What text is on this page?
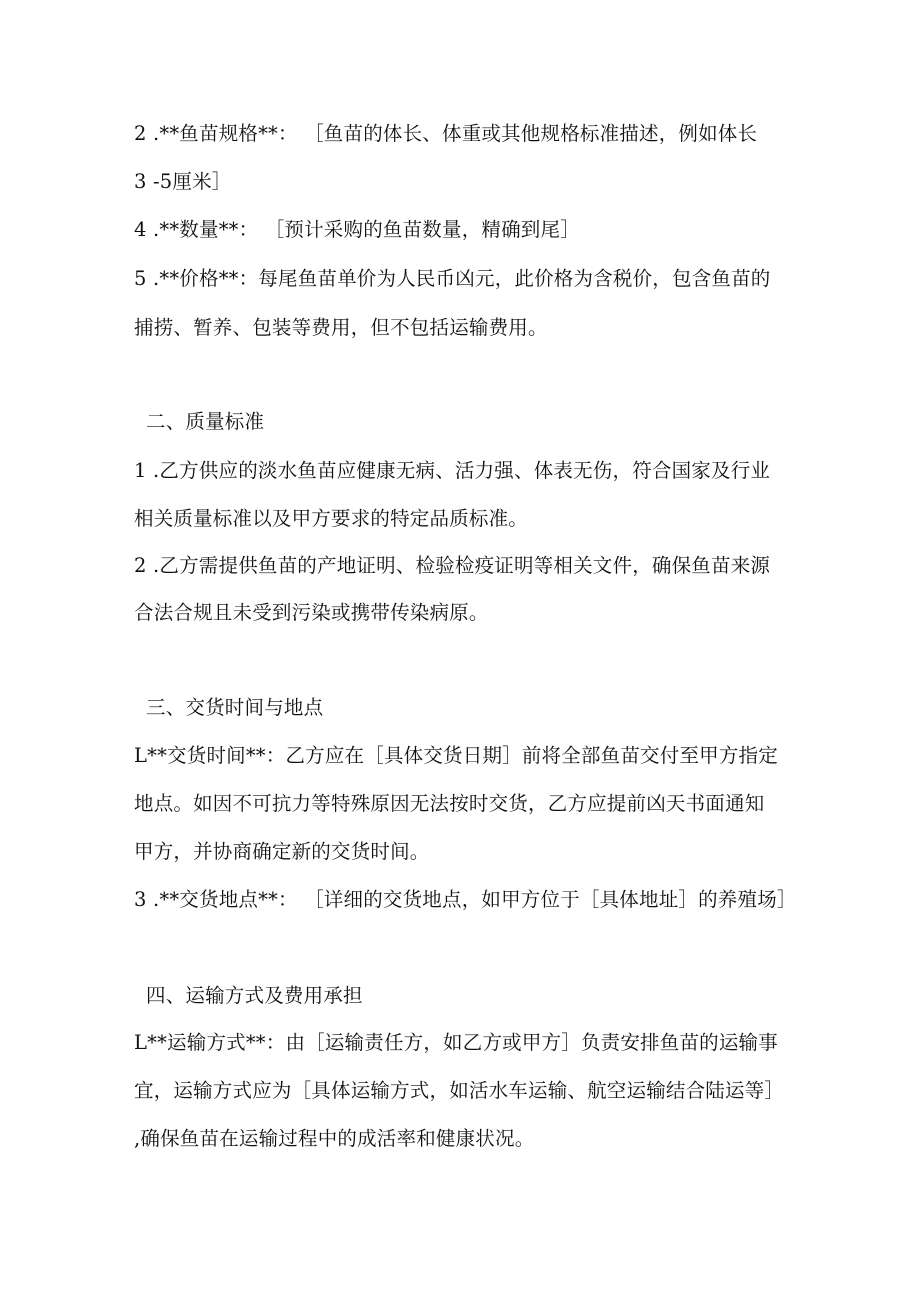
2 .**鱼苗规格**： ［鱼苗的体长、体重或其他规格标准描述，例如体长
3 -5厘米］
4 .**数量**： ［预计采购的鱼苗数量，精确到尾］
5 .**价格**：每尾鱼苗单价为人民币凶元，此价格为含税价，包含鱼苗的
捕捞、暂养、包装等费用，但不包括运输费用。
二、质量标准
1 .乙方供应的淡水鱼苗应健康无病、活力强、体表无伤，符合国家及行业
相关质量标准以及甲方要求的特定品质标准。
2 .乙方需提供鱼苗的产地证明、检验检疫证明等相关文件，确保鱼苗来源
合法合规且未受到污染或携带传染病原。
三、交货时间与地点
L**交货时间**：乙方应在［具体交货日期］前将全部鱼苗交付至甲方指定
地点。如因不可抗力等特殊原因无法按时交货，乙方应提前凶天书面通知
甲方，并协商确定新的交货时间。
3 .**交货地点**： ［详细的交货地点，如甲方位于［具体地址］的养殖场］
四、运输方式及费用承担
L**运输方式**：由［运输责任方，如乙方或甲方］负责安排鱼苗的运输事
宜，运输方式应为［具体运输方式，如活水车运输、航空运输结合陆运等］
,确保鱼苗在运输过程中的成活率和健康状况。
